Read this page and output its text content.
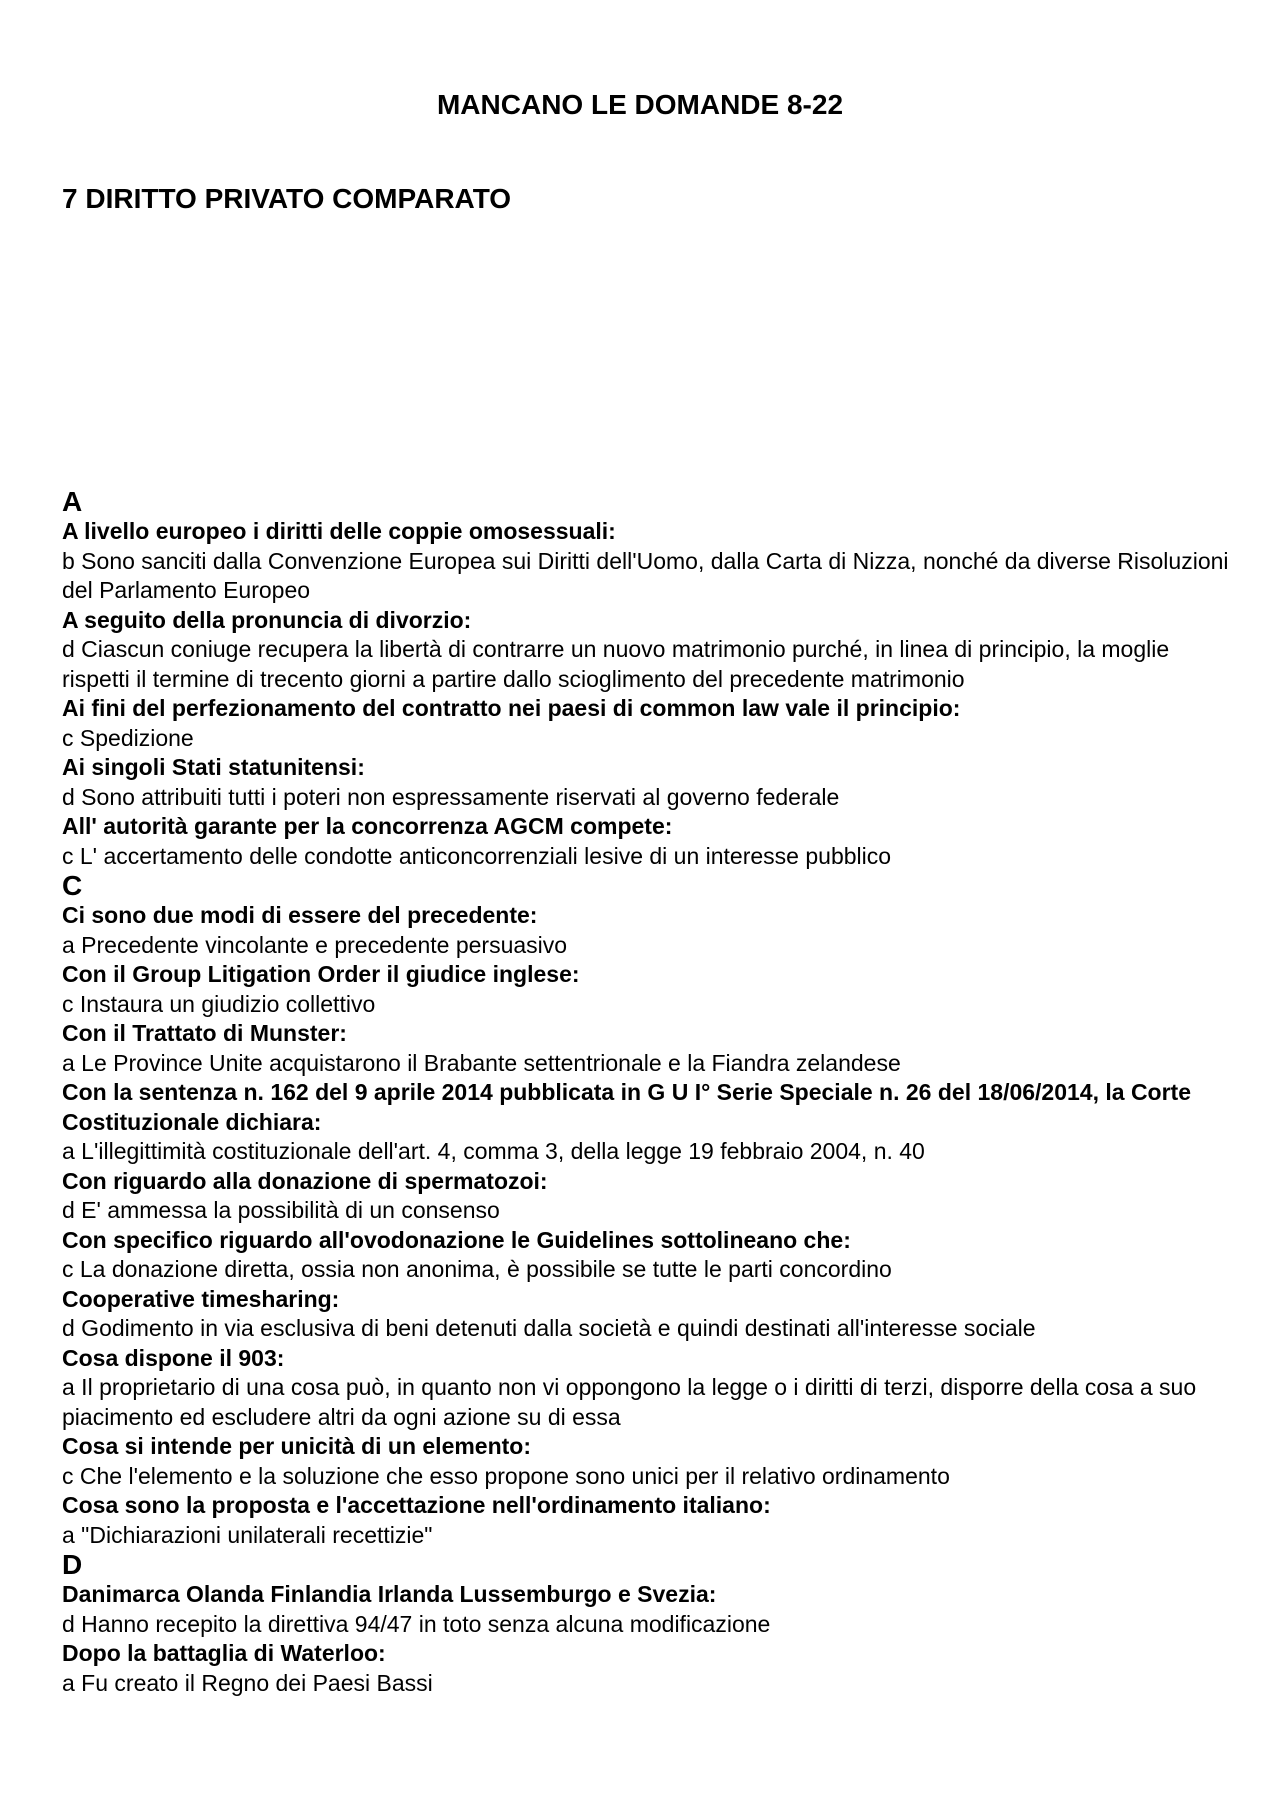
MANCANO LE DOMANDE 8-22
7 DIRITTO PRIVATO COMPARATO
A
A livello europeo i diritti delle coppie omosessuali:
b Sono sanciti dalla Convenzione Europea sui Diritti dell'Uomo, dalla Carta di Nizza, nonché da diverse Risoluzioni del Parlamento Europeo
A seguito della pronuncia di divorzio:
d Ciascun coniuge recupera la libertà di contrarre un nuovo matrimonio purché, in linea di principio, la moglie rispetti il termine di trecento giorni a partire dallo scioglimento del precedente matrimonio
Ai fini del perfezionamento del contratto nei paesi di common law vale il principio:
c Spedizione
Ai singoli Stati statunitensi:
d Sono attribuiti tutti i poteri non espressamente riservati al governo federale
All' autorità garante per la concorrenza AGCM compete:
c L' accertamento delle condotte anticoncorrenziali lesive di un interesse pubblico
C
Ci sono due modi di essere del precedente:
a Precedente vincolante e precedente persuasivo
Con il Group Litigation Order il giudice inglese:
c Instaura un giudizio collettivo
Con il Trattato di Munster:
a Le Province Unite acquistarono il Brabante settentrionale e la Fiandra zelandese
Con la sentenza n. 162 del 9 aprile 2014 pubblicata in G U I° Serie Speciale n. 26 del 18/06/2014, la Corte Costituzionale dichiara:
a L'illegittimità costituzionale dell'art. 4, comma 3, della legge 19 febbraio 2004, n. 40
Con riguardo alla donazione di spermatozoi:
d E' ammessa la possibilità di un consenso
Con specifico riguardo all'ovodonazione le Guidelines sottolineano che:
c La donazione diretta, ossia non anonima, è possibile se tutte le parti concordino
Cooperative timesharing:
d Godimento in via esclusiva di beni detenuti dalla società e quindi destinati all'interesse sociale
Cosa dispone il 903:
a Il proprietario di una cosa può, in quanto non vi oppongono la legge o i diritti di terzi, disporre della cosa a suo piacimento ed escludere altri da ogni azione su di essa
Cosa si intende per unicità di un elemento:
c Che l'elemento e la soluzione che esso propone sono unici per il relativo ordinamento
Cosa sono la proposta e l'accettazione nell'ordinamento italiano:
a "Dichiarazioni unilaterali recettizie"
D
Danimarca Olanda Finlandia Irlanda Lussemburgo e Svezia:
d Hanno recepito la direttiva 94/47 in toto senza alcuna modificazione
Dopo la battaglia di Waterloo:
a Fu creato il Regno dei Paesi Bassi
